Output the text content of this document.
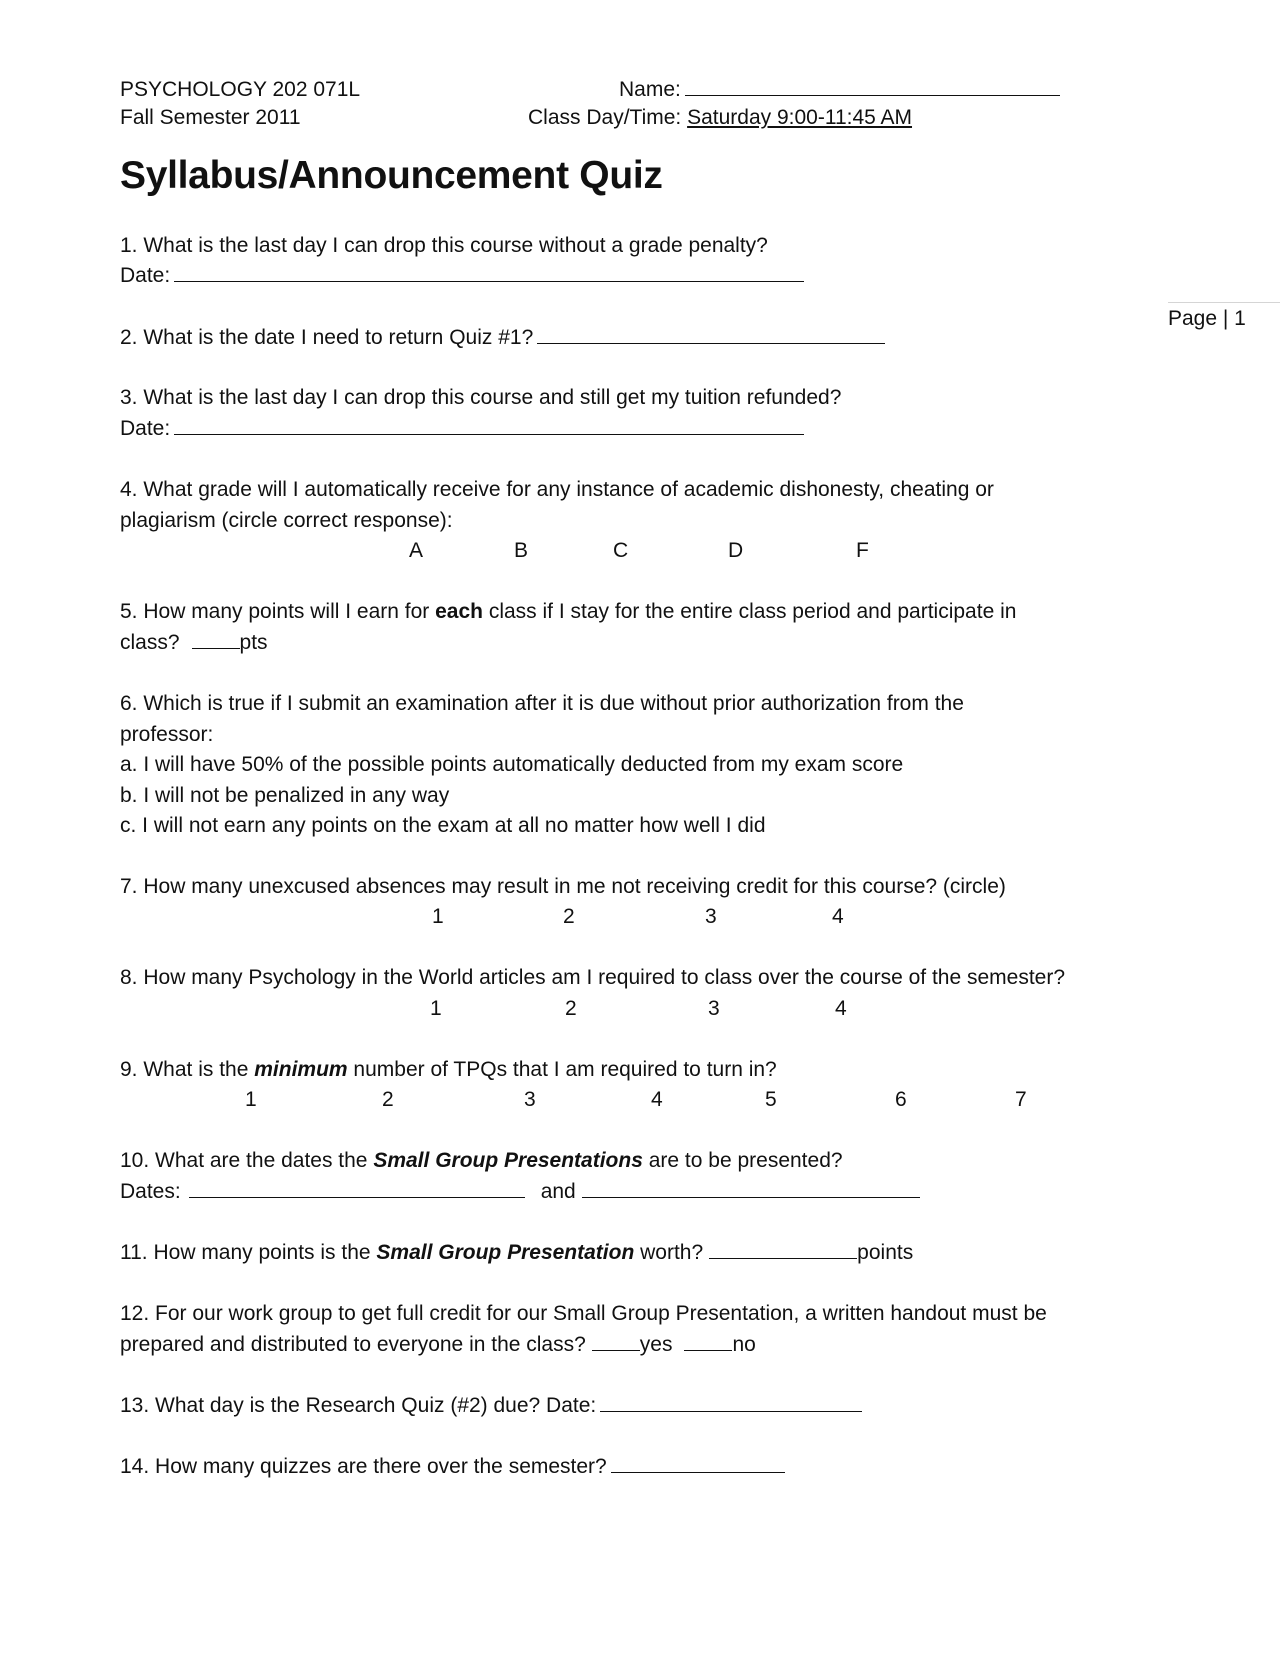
PSYCHOLOGY 202 071L
Fall Semester 2011
Name:
Class Day/Time: Saturday 9:00-11:45 AM
Syllabus/Announcement Quiz
Page | 1
1. What is the last day I can drop this course without a grade penalty?
Date:
2. What is the date I need to return Quiz #1?
3. What is the last day I can drop this course and still get my tuition refunded?
Date:
4. What grade will I automatically receive for any instance of academic dishonesty, cheating or
plagiarism (circle correct response):
A	B	C	D	F
5. How many points will I earn for each class if I stay for the entire class period and participate in
class?	pts
6. Which is true if I submit an examination after it is due without prior authorization from the
professor:
a. I will have 50% of the possible points automatically deducted from my exam score
b. I will not be penalized in any way
c. I will not earn any points on the exam at all no matter how well I did
7. How many unexcused absences may result in me not receiving credit for this course? (circle)
1	2	3	4
8. How many Psychology in the World articles am I required to class over the course of the semester?
1	2	3	4
9. What is the minimum number of TPQs that I am required to turn in?
1	2	3	4	5	6	7
10. What are the dates the Small Group Presentations are to be presented?
Dates:	and
11. How many points is the Small Group Presentation worth?	points
12. For our work group to get full credit for our Small Group Presentation, a written handout must be
prepared and distributed to everyone in the class?	yes	no
13. What day is the Research Quiz (#2) due? Date:
14. How many quizzes are there over the semester?
